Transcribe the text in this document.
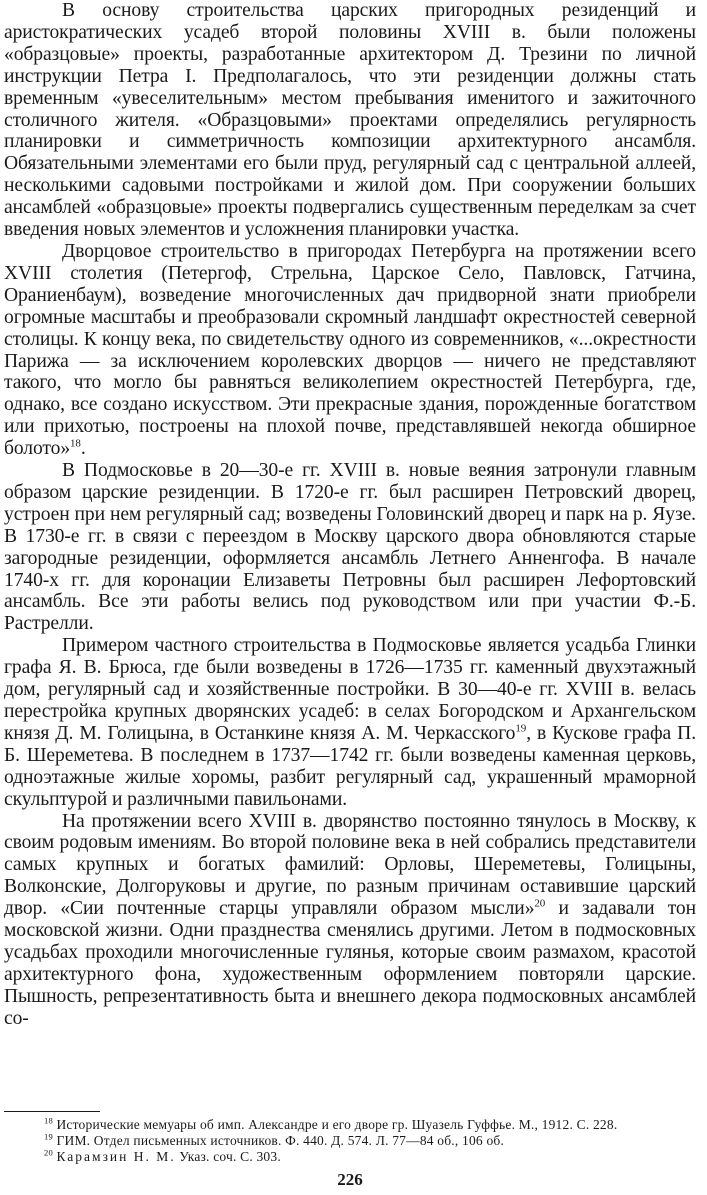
В основу строительства царских пригородных резиденций и аристократических усадеб второй половины XVIII в. были положены «образцовые» проекты, разработанные архитектором Д. Трезини по личной инструкции Петра I. Предполагалось, что эти резиденции должны стать временным «увеселительным» местом пребывания именитого и зажиточного столичного жителя. «Образцовыми» проектами определялись регулярность планировки и симметричность композиции архитектурного ансамбля. Обязательными элементами его были пруд, регулярный сад с центральной аллеей, несколькими садовыми постройками и жилой дом. При сооружении больших ансамблей «образцовые» проекты подвергались существенным переделкам за счет введения новых элементов и усложнения планировки участка.

Дворцовое строительство в пригородах Петербурга на протяжении всего XVIII столетия (Петергоф, Стрельна, Царское Село, Павловск, Гатчина, Ораниенбаум), возведение многочисленных дач придворной знати приобрели огромные масштабы и преобразовали скромный ландшафт окрестностей северной столицы. К концу века, по свидетельству одного из современников, «...окрестности Парижа — за исключением королевских дворцов — ничего не представляют такого, что могло бы равняться великолепием окрестностей Петербурга, где, однако, все создано искусством. Эти прекрасные здания, порожденные богатством или прихотью, построены на плохой почве, представлявшей некогда обширное болото»$^{18}$.

В Подмосковье в 20—30-е гг. XVIII в. новые веяния затронули главным образом царские резиденции. В 1720-е гг. был расширен Петровский дворец, устроен при нем регулярный сад; возведены Головинский дворец и парк на р. Яузе. В 1730-е гг. в связи с переездом в Москву царского двора обновляются старые загородные резиденции, оформляется ансамбль Летнего Анненгофа. В начале 1740-х гг. для коронации Елизаветы Петровны был расширен Лефортовский ансамбль. Все эти работы велись под руководством или при участии Ф.-Б. Растрелли.

Примером частного строительства в Подмосковье является усадьба Глинки графа Я. В. Брюса, где были возведены в 1726—1735 гг. каменный двухэтажный дом, регулярный сад и хозяйственные постройки. В 30—40-е гг. XVIII в. велась перестройка крупных дворянских усадеб: в селах Богородском и Архангельском князя Д. М. Голицына, в Останкине князя А. М. Черкасского$^{19}$, в Кускове графа П. Б. Шереметева. В последнем в 1737—1742 гг. были возведены каменная церковь, одноэтажные жилые хоромы, разбит регулярный сад, украшенный мраморной скульптурой и различными павильонами.

На протяжении всего XVIII в. дворянство постоянно тянулось в Москву, к своим родовым имениям. Во второй половине века в ней собрались представители самых крупных и богатых фамилий: Орловы, Шереметевы, Голицыны, Волконские, Долгоруковы и другие, по разным причинам оставившие царский двор. «Сии почтенные старцы управляли образом мысли»$^{20}$ и задавали тон московской жизни. Одни празднества сменялись другими. Летом в подмосковных усадьбах проходили многочисленные гулянья, которые своим размахом, красотой архитектурного фона, художественным оформлением повторяли царские. Пышность, репрезентативность быта и внешнего декора подмосковных ансамблей со-

$^{18}$ Исторические мемуары об имп. Александре и его дворе гр. Шуазель Гуффье. М., 1912. С. 228.

$^{19}$ ГИМ. Отдел письменных источников. Ф. 440. Д. 574. Л. 77—84 об., 106 об.

$^{20}$ Карамзин Н. М. Указ. соч. С. 303.

226
